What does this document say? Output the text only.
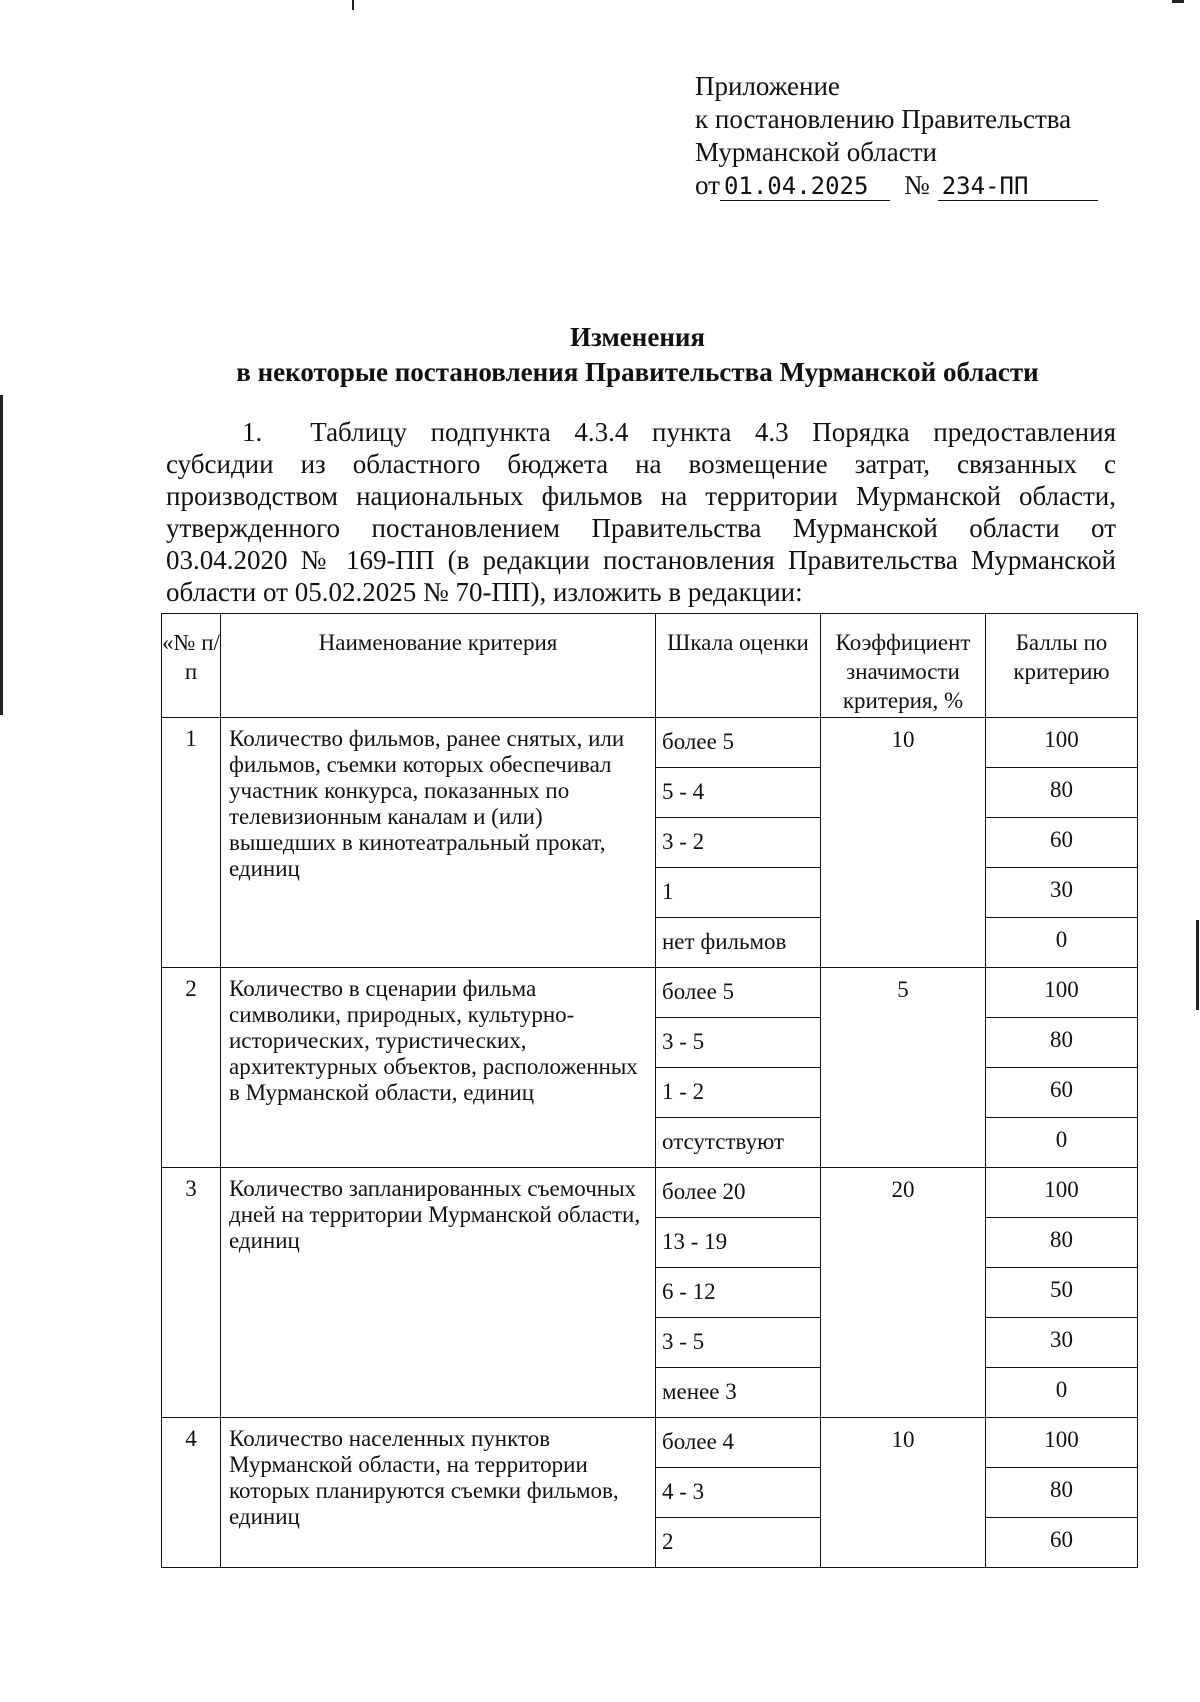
Приложение
к постановлению Правительства
Мурманской области
от 01.04.2025	№ 234-ПП
Изменения
в некоторые постановления Правительства Мурманской области
1. Таблицу подпункта 4.3.4 пункта 4.3 Порядка предоставления субсидии из областного бюджета на возмещение затрат, связанных с производством национальных фильмов на территории Мурманской области, утвержденного постановлением Правительства Мурманской области от 03.04.2020 № 169-ПП (в редакции постановления Правительства Мурманской области от 05.02.2025 № 70-ПП), изложить в редакции:
«№ п/п	Наименование критерия	Шкала оценки	Коэффициент значимости критерия, %	Баллы по критерию
1	Количество фильмов, ранее снятых, или фильмов, съемки которых обеспечивал участник конкурса, показанных по телевизионным каналам и (или) вышедших в кинотеатральный прокат, единиц	более 5	10	100
		5 - 4		80
		3 - 2		60
		1		30
		нет фильмов		0
2	Количество в сценарии фильма символики, природных, культурно-исторических, туристических, архитектурных объектов, расположенных в Мурманской области, единиц	более 5	5	100
		3 - 5		80
		1 - 2		60
		отсутствуют		0
3	Количество запланированных съемочных дней на территории Мурманской области, единиц	более 20	20	100
		13 - 19		80
		6 - 12		50
		3 - 5		30
		менее 3		0
4	Количество населенных пунктов Мурманской области, на территории которых планируются съемки фильмов, единиц	более 4	10	100
		4 - 3		80
		2		60
